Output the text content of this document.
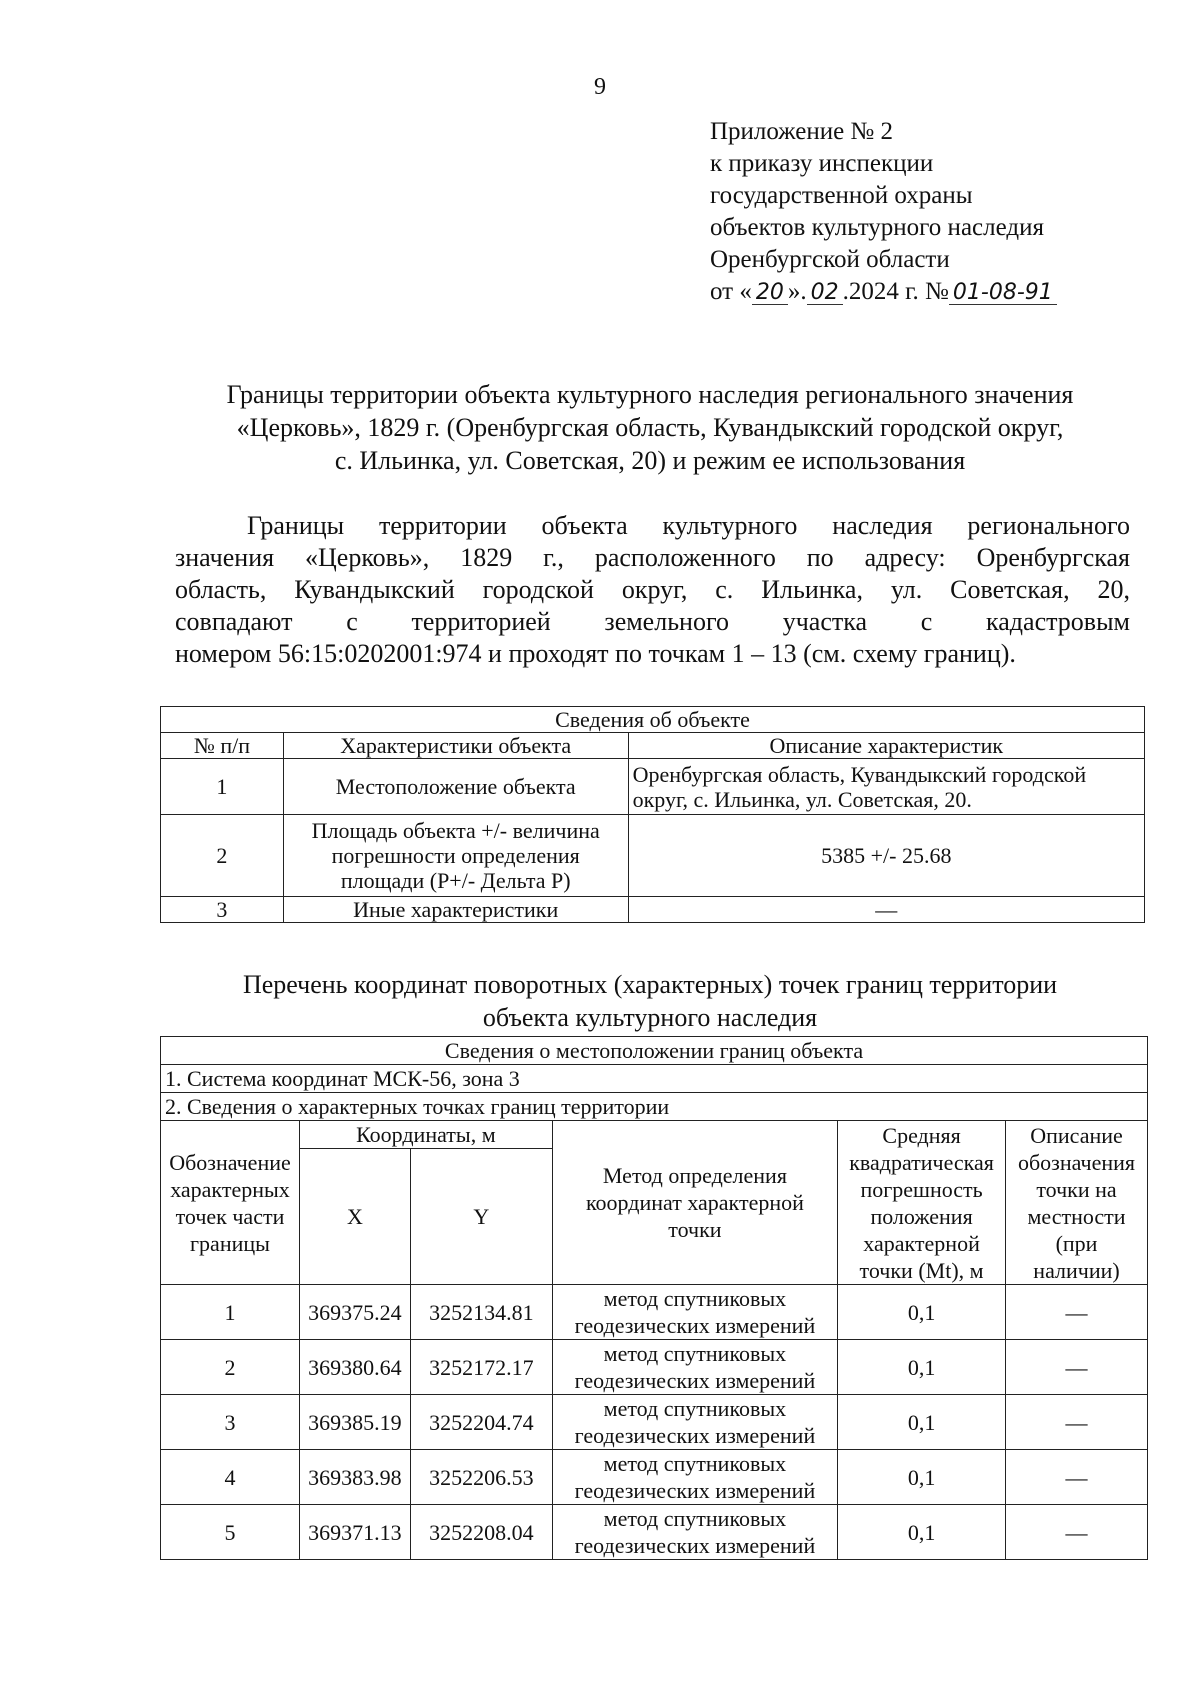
9
Приложение № 2
к приказу инспекции
государственной охраны
объектов культурного наследия
Оренбургской области
от « 20 ». 02 .2024 г. № 01-08-91
Границы территории объекта культурного наследия регионального значения
«Церковь», 1829 г. (Оренбургская область, Кувандыкский городской округ,
с. Ильинка, ул. Советская, 20) и режим ее использования
Границы территории объекта культурного наследия регионального
значения «Церковь», 1829 г., расположенного по адресу: Оренбургская
область, Кувандыкский городской округ, с. Ильинка, ул. Советская, 20,
совпадают с территорией земельного участка с кадастровым
номером 56:15:0202001:974 и проходят по точкам 1 – 13 (см. схему границ).
Сведения об объекте		
№ п/п	Характеристики объекта	Описание характеристик
1	Местоположение объекта	Оренбургская область, Кувандыкский городской округ, с. Ильинка, ул. Советская, 20.
2	Площадь объекта +/- величина погрешности определения площади (Р+/- Дельта Р)	5385 +/- 25.68
3	Иные характеристики	—
Перечень координат поворотных (характерных) точек границ территории
объекта культурного наследия
Сведения о местоположении границ объекта					
1. Система координат МСК-56, зона 3					
2. Сведения о характерных точках границ территории					
Обозначение характерных точек части границы	Координаты, м		Метод определения координат характерной точки	Средняя квадратическая погрешность положения характерной точки (Mt), м	Описание обозначения точки на местности (при наличии)
	X	Y			
1	369375.24	3252134.81	метод спутниковых геодезических измерений	0,1	—
2	369380.64	3252172.17	метод спутниковых геодезических измерений	0,1	—
3	369385.19	3252204.74	метод спутниковых геодезических измерений	0,1	—
4	369383.98	3252206.53	метод спутниковых геодезических измерений	0,1	—
5	369371.13	3252208.04	метод спутниковых геодезических измерений	0,1	—
